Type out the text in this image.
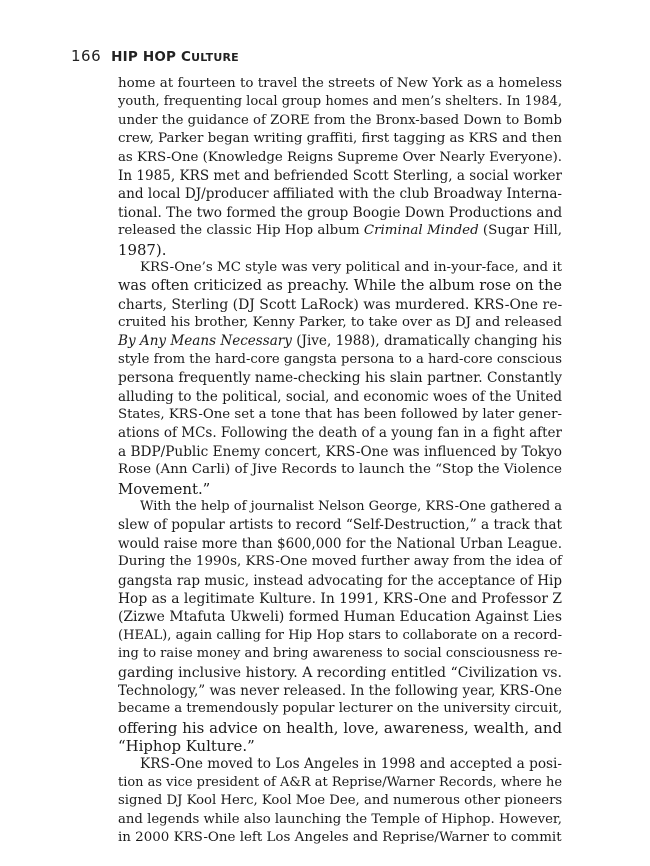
166 HIP HOP CULTURE
home at fourteen to travel the streets of New York as a homeless
youth, frequenting local group homes and men’s shelters. In 1984,
under the guidance of ZORE from the Bronx-based Down to Bomb
crew, Parker began writing graffiti, first tagging as KRS and then
as KRS-One (Knowledge Reigns Supreme Over Nearly Everyone).
In 1985, KRS met and befriended Scott Sterling, a social worker
and local DJ/producer affiliated with the club Broadway Interna-
tional. The two formed the group Boogie Down Productions and
released the classic Hip Hop album Criminal Minded (Sugar Hill,
1987).
KRS-One’s MC style was very political and in-your-face, and it
was often criticized as preachy. While the album rose on the
charts, Sterling (DJ Scott LaRock) was murdered. KRS-One re-
cruited his brother, Kenny Parker, to take over as DJ and released
By Any Means Necessary (Jive, 1988), dramatically changing his
style from the hard-core gangsta persona to a hard-core conscious
persona frequently name-checking his slain partner. Constantly
alluding to the political, social, and economic woes of the United
States, KRS-One set a tone that has been followed by later gener-
ations of MCs. Following the death of a young fan in a fight after
a BDP/Public Enemy concert, KRS-One was influenced by Tokyo
Rose (Ann Carli) of Jive Records to launch the “Stop the Violence
Movement.”
With the help of journalist Nelson George, KRS-One gathered a
slew of popular artists to record “Self-Destruction,” a track that
would raise more than $600,000 for the National Urban League.
During the 1990s, KRS-One moved further away from the idea of
gangsta rap music, instead advocating for the acceptance of Hip
Hop as a legitimate Kulture. In 1991, KRS-One and Professor Z
(Zizwe Mtafuta Ukweli) formed Human Education Against Lies
(HEAL), again calling for Hip Hop stars to collaborate on a record-
ing to raise money and bring awareness to social consciousness re-
garding inclusive history. A recording entitled “Civilization vs.
Technology,” was never released. In the following year, KRS-One
became a tremendously popular lecturer on the university circuit,
offering his advice on health, love, awareness, wealth, and
“Hiphop Kulture.”
KRS-One moved to Los Angeles in 1998 and accepted a posi-
tion as vice president of A&R at Reprise/Warner Records, where he
signed DJ Kool Herc, Kool Moe Dee, and numerous other pioneers
and legends while also launching the Temple of Hiphop. However,
in 2000 KRS-One left Los Angeles and Reprise/Warner to commit
